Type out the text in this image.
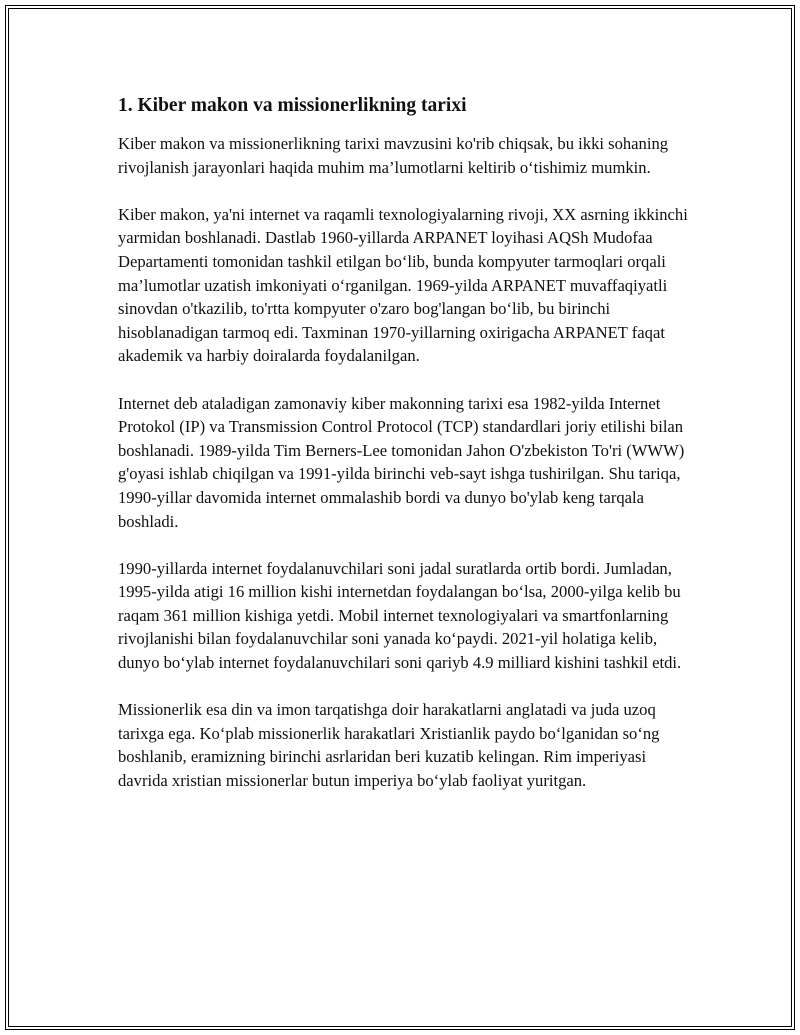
1. Kiber makon va missionerlikning tarixi

Kiber makon va missionerlikning tarixi mavzusini ko'rib chiqsak, bu ikki sohaning rivojlanish jarayonlari haqida muhim ma’lumotlarni keltirib o‘tishimiz mumkin.

Kiber makon, ya'ni internet va raqamli texnologiyalarning rivoji, XX asrning ikkinchi yarmidan boshlanadi. Dastlab 1960-yillarda ARPANET loyihasi AQSh Mudofaa Departamenti tomonidan tashkil etilgan bo‘lib, bunda kompyuter tarmoqlari orqali ma’lumotlar uzatish imkoniyati o‘rganilgan. 1969-yilda ARPANET muvaffaqiyatli sinovdan o'tkazilib, to'rtta kompyuter o'zaro bog'langan bo‘lib, bu birinchi hisoblanadigan tarmoq edi. Taxminan 1970-yillarning oxirigacha ARPANET faqat akademik va harbiy doiralarda foydalanilgan.

Internet deb ataladigan zamonaviy kiber makonning tarixi esa 1982-yilda Internet Protokol (IP) va Transmission Control Protocol (TCP) standardlari joriy etilishi bilan boshlanadi. 1989-yilda Tim Berners-Lee tomonidan Jahon O'zbekiston To'ri (WWW) g'oyasi ishlab chiqilgan va 1991-yilda birinchi veb-sayt ishga tushirilgan. Shu tariqa, 1990-yillar davomida internet ommalashib bordi va dunyo bo'ylab keng tarqala boshladi.

1990-yillarda internet foydalanuvchilari soni jadal suratlarda ortib bordi. Jumladan, 1995-yilda atigi 16 million kishi internetdan foydalangan bo‘lsa, 2000-yilga kelib bu raqam 361 million kishiga yetdi. Mobil internet texnologiyalari va smartfonlarning rivojlanishi bilan foydalanuvchilar soni yanada ko‘paydi. 2021-yil holatiga kelib, dunyo bo‘ylab internet foydalanuvchilari soni qariyb 4.9 milliard kishini tashkil etdi.

Missionerlik esa din va imon tarqatishga doir harakatlarni anglatadi va juda uzoq tarixga ega. Ko‘plab missionerlik harakatlari Xristianlik paydo bo‘lganidan so‘ng boshlanib, eramizning birinchi asrlaridan beri kuzatib kelingan. Rim imperiyasi davrida xristian missionerlar butun imperiya bo‘ylab faoliyat yuritgan.
